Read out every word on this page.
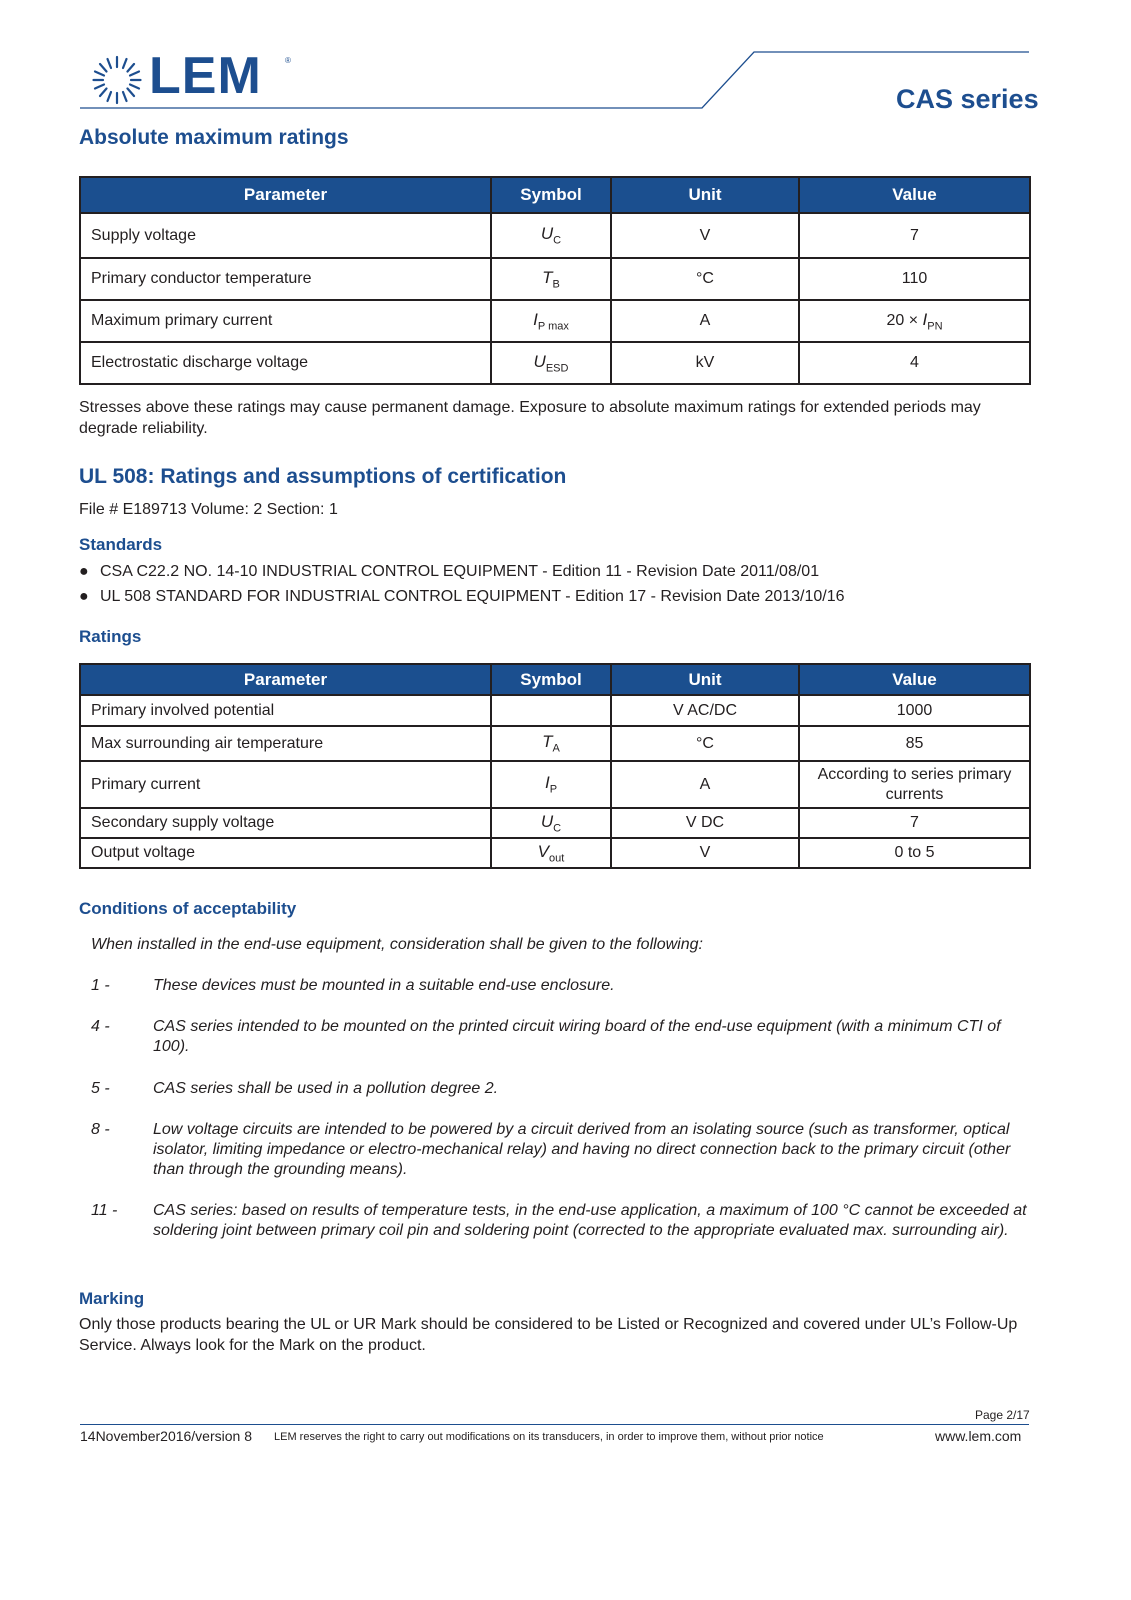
LEM	®
CAS series
Absolute maximum ratings
Parameter	Symbol	Unit	Value
Supply voltage	$U_C$	V	7
Primary conductor temperature	$T_B$	°C	110
Maximum primary current	$I_{P max}$	A	$20 \times I_{PN}$
Electrostatic discharge voltage	$U_{ESD}$	kV	4
Stresses above these ratings may cause permanent damage. Exposure to absolute maximum ratings for extended periods may degrade reliability.
UL 508: Ratings and assumptions of certification
File # E189713 Volume: 2 Section: 1
Standards
● CSA C22.2 NO. 14-10 INDUSTRIAL CONTROL EQUIPMENT - Edition 11 - Revision Date 2011/08/01
● UL 508 STANDARD FOR INDUSTRIAL CONTROL EQUIPMENT - Edition 17 - Revision Date 2013/10/16
Ratings
Parameter	Symbol	Unit	Value
Primary involved potential		V AC/DC	1000
Max surrounding air temperature	$T_A$	°C	85
Primary current	$I_P$	A	According to series primary currents
Secondary supply voltage	$U_C$	V DC	7
Output voltage	$V_{out}$	V	0 to 5
Conditions of acceptability
When installed in the end-use equipment, consideration shall be given to the following:
1 -	These devices must be mounted in a suitable end-use enclosure.
4 -	CAS series intended to be mounted on the printed circuit wiring board of the end-use equipment (with a minimum CTI of 100).
5 -	CAS series shall be used in a pollution degree 2.
8 -	Low voltage circuits are intended to be powered by a circuit derived from an isolating source (such as transformer, optical isolator, limiting impedance or electro-mechanical relay) and having no direct connection back to the primary circuit (other than through the grounding means).
11 - CAS series: based on results of temperature tests, in the end-use application, a maximum of 100 °C cannot be exceeded at soldering joint between primary coil pin and soldering point (corrected to the appropriate evaluated max. surrounding air).
Marking
Only those products bearing the UL or UR Mark should be considered to be Listed or Recognized and covered under UL’s Follow-Up Service. Always look for the Mark on the product.
Page 2/17
14November2016/version 8 LEM reserves the right to carry out modifications on its transducers, in order to improve them, without prior notice	www.lem.com
